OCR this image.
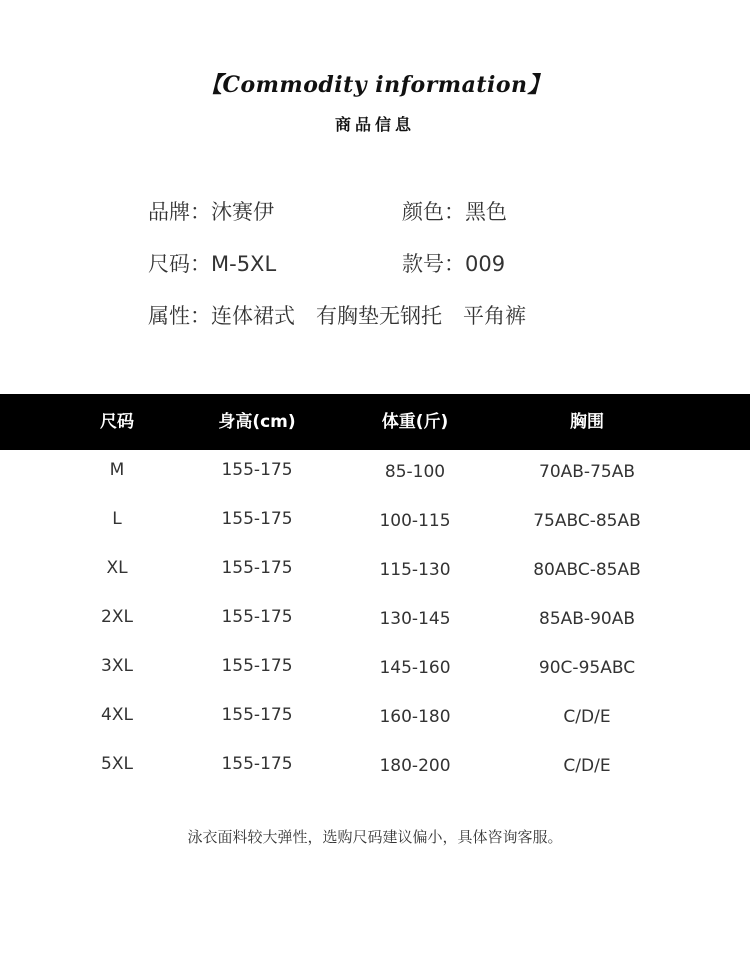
【Commodity information】
商品信息
品牌：沐赛伊	颜色：黑色
尺码：M-5XL	款号：009
属性：连体裙式　有胸垫无钢托　平角裤
尺码	身高(cm)	体重(斤)	胸围
M	155-175	85-100	70AB-75AB
L	155-175	100-115	75ABC-85AB
XL	155-175	115-130	80ABC-85AB
2XL	155-175	130-145	85AB-90AB
3XL	155-175	145-160	90C-95ABC
4XL	155-175	160-180	C/D/E
5XL	155-175	180-200	C/D/E
泳衣面料较大弹性，选购尺码建议偏小，具体咨询客服。
